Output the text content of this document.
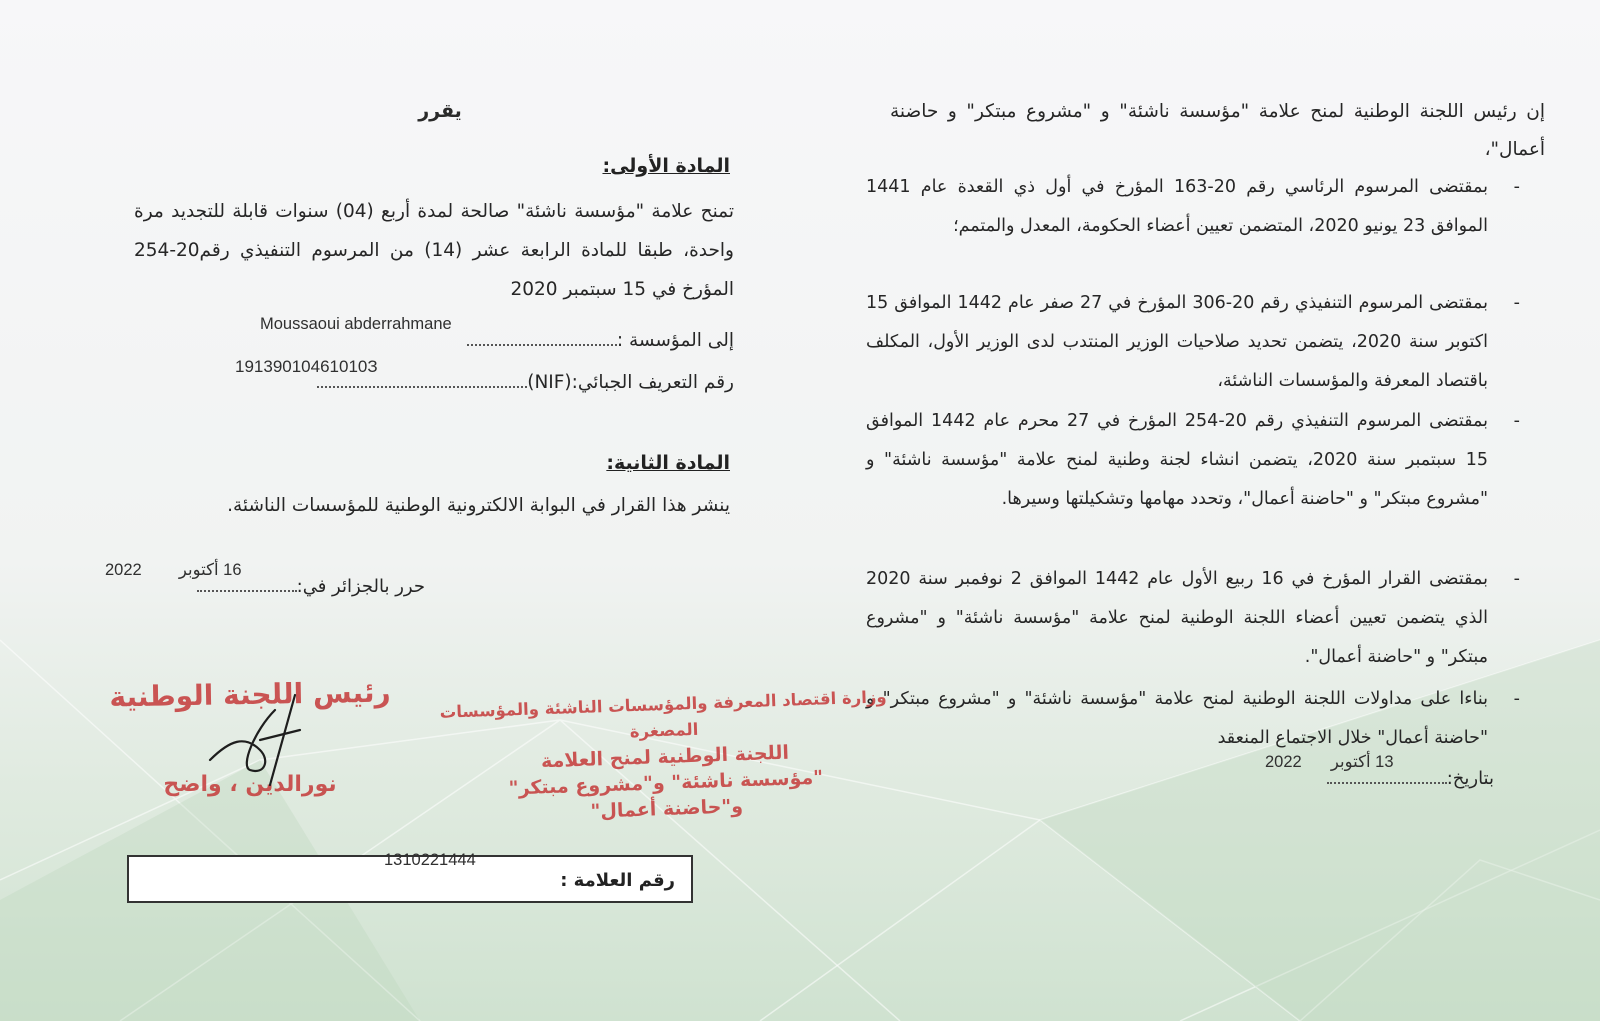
يقرر
المادة الأولى:
تمنح علامة "مؤسسة ناشئة" صالحة لمدة أربع (04) سنوات قابلة للتجديد مرة واحدة، طبقا للمادة الرابعة عشر (14) من المرسوم التنفيذي رقم20-254 المؤرخ في 15 سبتمبر 2020
إلى المؤسسة :
Moussaoui abderrahmane
رقم التعريف الجبائي:(NIF)
19139010461010З
المادة الثانية:
ينشر هذا القرار في البوابة الالكترونية الوطنية للمؤسسات الناشئة.
حرر بالجزائر في:
2022 16 أكتوبر
إن رئيس اللجنة الوطنية لمنح علامة "مؤسسة ناشئة" و "مشروع مبتكر" و حاضنة أعمال"،
- بمقتضى المرسوم الرئاسي رقم 20-163 المؤرخ في أول ذي القعدة عام 1441 الموافق 23 يونيو 2020، المتضمن تعيين أعضاء الحكومة، المعدل والمتمم؛
- بمقتضى المرسوم التنفيذي رقم 20-306 المؤرخ في 27 صفر عام 1442 الموافق 15 اكتوبر سنة 2020، يتضمن تحديد صلاحيات الوزير المنتدب لدى الوزير الأول، المكلف باقتصاد المعرفة والمؤسسات الناشئة،
- بمقتضى المرسوم التنفيذي رقم 20-254 المؤرخ في 27 محرم عام 1442 الموافق 15 سبتمبر سنة 2020، يتضمن انشاء لجنة وطنية لمنح علامة "مؤسسة ناشئة" و "مشروع مبتكر" و "حاضنة أعمال"، وتحدد مهامها وتشكيلتها وسيرها.
- بمقتضى القرار المؤرخ في 16 ربيع الأول عام 1442 الموافق 2 نوفمبر سنة 2020 الذي يتضمن تعيين أعضاء اللجنة الوطنية لمنح علامة "مؤسسة ناشئة" و "مشروع مبتكر" و "حاضنة أعمال".
- بناءا على مداولات اللجنة الوطنية لمنح علامة "مؤسسة ناشئة" و "مشروع مبتكر" و "حاضنة أعمال" خلال الاجتماع المنعقد
بتاريخ:
2022 13 أكتوبر
رئيس اللجنة الوطنية
نورالدين ، واضح
وزارة اقتصاد المعرفة والمؤسسات الناشئة والمؤسسات المصغرة
اللجنة الوطنية لمنح العلامة
"مؤسسة ناشئة" و"مشروع مبتكر"
و"حاضنة أعمال"
رقم العلامة :
1310221444
